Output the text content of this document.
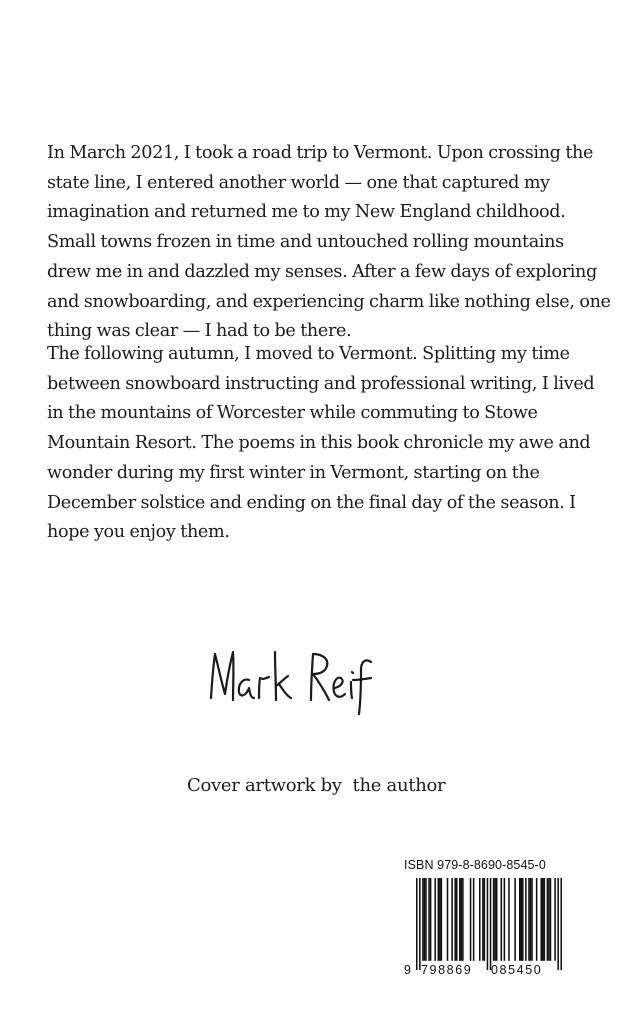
In March 2021, I took a road trip to Vermont. Upon crossing the
state line, I entered another world — one that captured my
imagination and returned me to my New England childhood.
Small towns frozen in time and untouched rolling mountains
drew me in and dazzled my senses. After a few days of exploring
and snowboarding, and experiencing charm like nothing else, one
thing was clear — I had to be there.

The following autumn, I moved to Vermont. Splitting my time
between snowboard instructing and professional writing, I lived
in the mountains of Worcester while commuting to Stowe
Mountain Resort. The poems in this book chronicle my awe and
wonder during my first winter in Vermont, starting on the
December solstice and ending on the final day of the season. I
hope you enjoy them.

Cover artwork by  the author
ISBN 979-8-8690-8545-0
9 798869 085450
